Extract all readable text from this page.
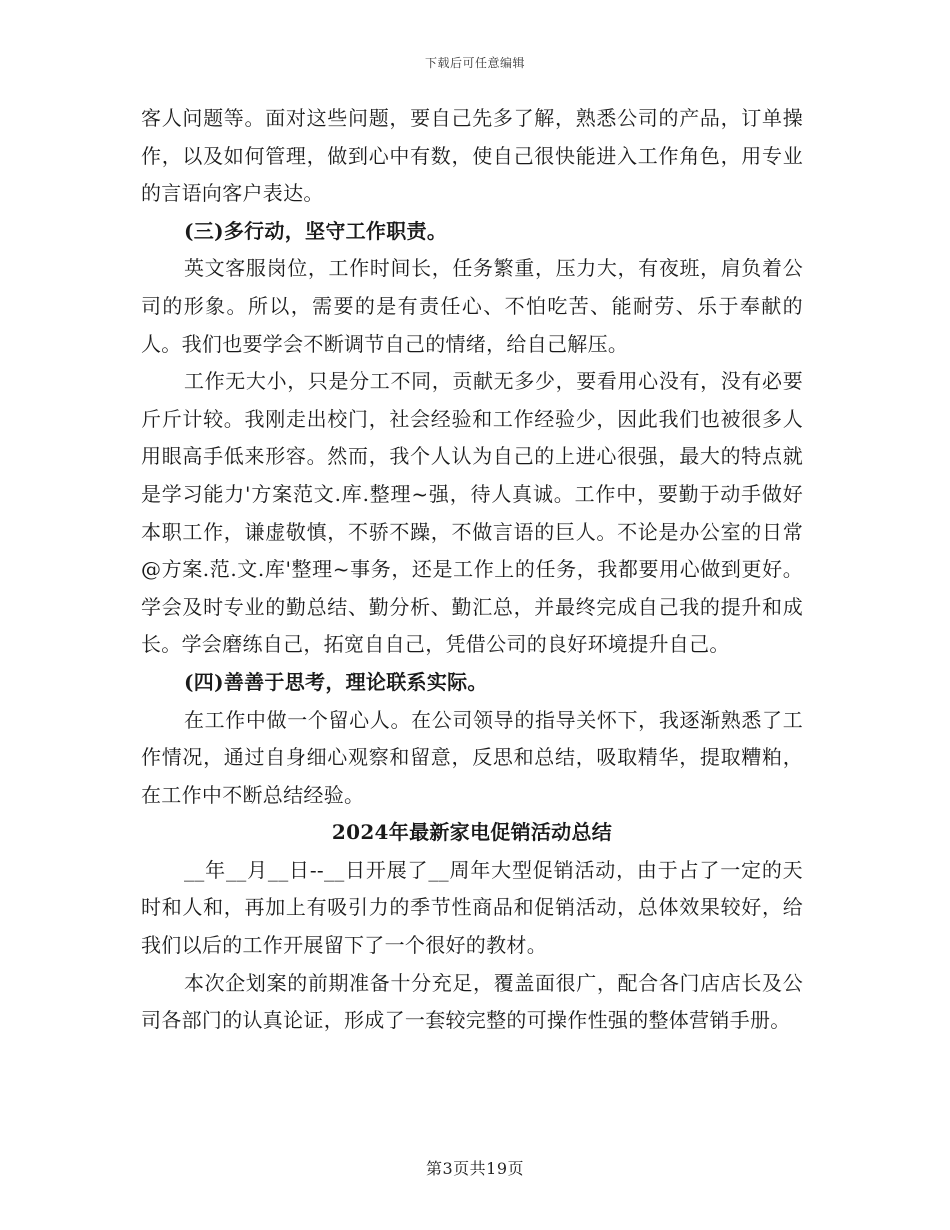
下载后可任意编辑

客人问题等。面对这些问题，要自己先多了解，熟悉公司的产品，订单操作，以及如何管理，做到心中有数，使自己很快能进入工作角色，用专业的言语向客户表达。

(三)多行动，坚守工作职责。

英文客服岗位，工作时间长，任务繁重，压力大，有夜班，肩负着公司的形象。所以，需要的是有责任心、不怕吃苦、能耐劳、乐于奉献的人。我们也要学会不断调节自己的情绪，给自己解压。

工作无大小，只是分工不同，贡献无多少，要看用心没有，没有必要斤斤计较。我刚走出校门，社会经验和工作经验少，因此我们也被很多人用眼高手低来形容。然而，我个人认为自己的上进心很强，最大的特点就是学习能力'方案范文.库.整理~强，待人真诚。工作中，要勤于动手做好本职工作，谦虚敬慎，不骄不躁，不做言语的巨人。不论是办公室的日常@方案.范.文.库'整理~事务，还是工作上的任务，我都要用心做到更好。学会及时专业的勤总结、勤分析、勤汇总，并最终完成自己我的提升和成长。学会磨练自己，拓宽自自己，凭借公司的良好环境提升自己。

(四)善善于思考，理论联系实际。

在工作中做一个留心人。在公司领导的指导关怀下，我逐渐熟悉了工作情况，通过自身细心观察和留意，反思和总结，吸取精华，提取糟粕，在工作中不断总结经验。

2024年最新家电促销活动总结

__年__月__日--__日开展了__周年大型促销活动，由于占了一定的天时和人和，再加上有吸引力的季节性商品和促销活动，总体效果较好，给我们以后的工作开展留下了一个很好的教材。

本次企划案的前期准备十分充足，覆盖面很广，配合各门店店长及公司各部门的认真论证，形成了一套较完整的可操作性强的整体营销手册。

第3页共19页
